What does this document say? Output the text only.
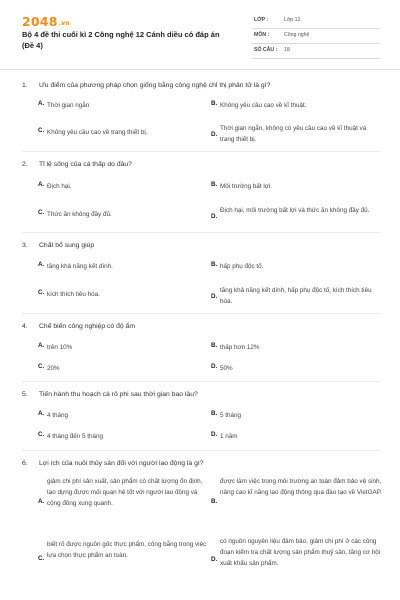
2048.vn
Bộ 4 đề thi cuối kì 2 Công nghệ 12 Cánh diều có đáp án (Đề 4)
LỚP :	Lớp 12
MÔN :	Công nghệ
SỐ CÂU : 18
1. Ưu điểm của phương pháp chọn giống bằng công nghệ chỉ thị phân tử là gì?
A. Thời gian ngắn	B. Không yêu cầu cao về kĩ thuật.
C. Không yêu cầu cao về trang thiết bị.	D.
Thời gian ngắn, không có yêu cầu cao về kĩ thuật và trang thiết bị.
2. Tỉ lệ sống của cá thấp do đâu?
A. Địch hại.	B. Môi trường bất lợi.
C. Thức ăn không đầy đủ.	D.
Địch hại, môi trường bất lợi và thức ăn không đầy đủ.
3. Chất bổ sung giúp
A. tăng khả năng kết dính.	B. hấp phụ độc tố.
C. kích thích tiêu hóa.	D.
tăng khả năng kết dính, hấp phụ độc tố, kích thích tiêu hóa.
4. Chế biến công nghiệp có độ ẩm
A. trên 10%	B. thấp hơn 12%
C. 20%	D. 50%
5. Tiến hành thu hoạch cá rô phi sau thời gian bao lâu?
A. 4 tháng	B. 5 tháng
C. 4 tháng đến 5 tháng	D. 1 năm
6. Lợi ích của nuôi thủy sản đối với người lao động là gì?
A.
giảm chi phí sản xuất, sản phẩm có chất lượng ổn định, tạo dựng được mối quan hệ tốt với người lao động và cộng đồng xung quanh.	B.
được làm việc trong môi trường an toàn đảm bảo vệ sinh, nâng cao kĩ năng lao động thông qua đào tạo về VietGAP.
C.
biết rõ được nguồn gốc thực phẩm, công bằng trong việc lựa chọn thực phẩm an toàn.
D.
có nguồn nguyên liệu đảm bảo, giảm chi phí ở các công đoạn kiểm tra chất lượng sản phẩm thuỷ sản, tăng cơ hội xuất khẩu sản phẩm.
